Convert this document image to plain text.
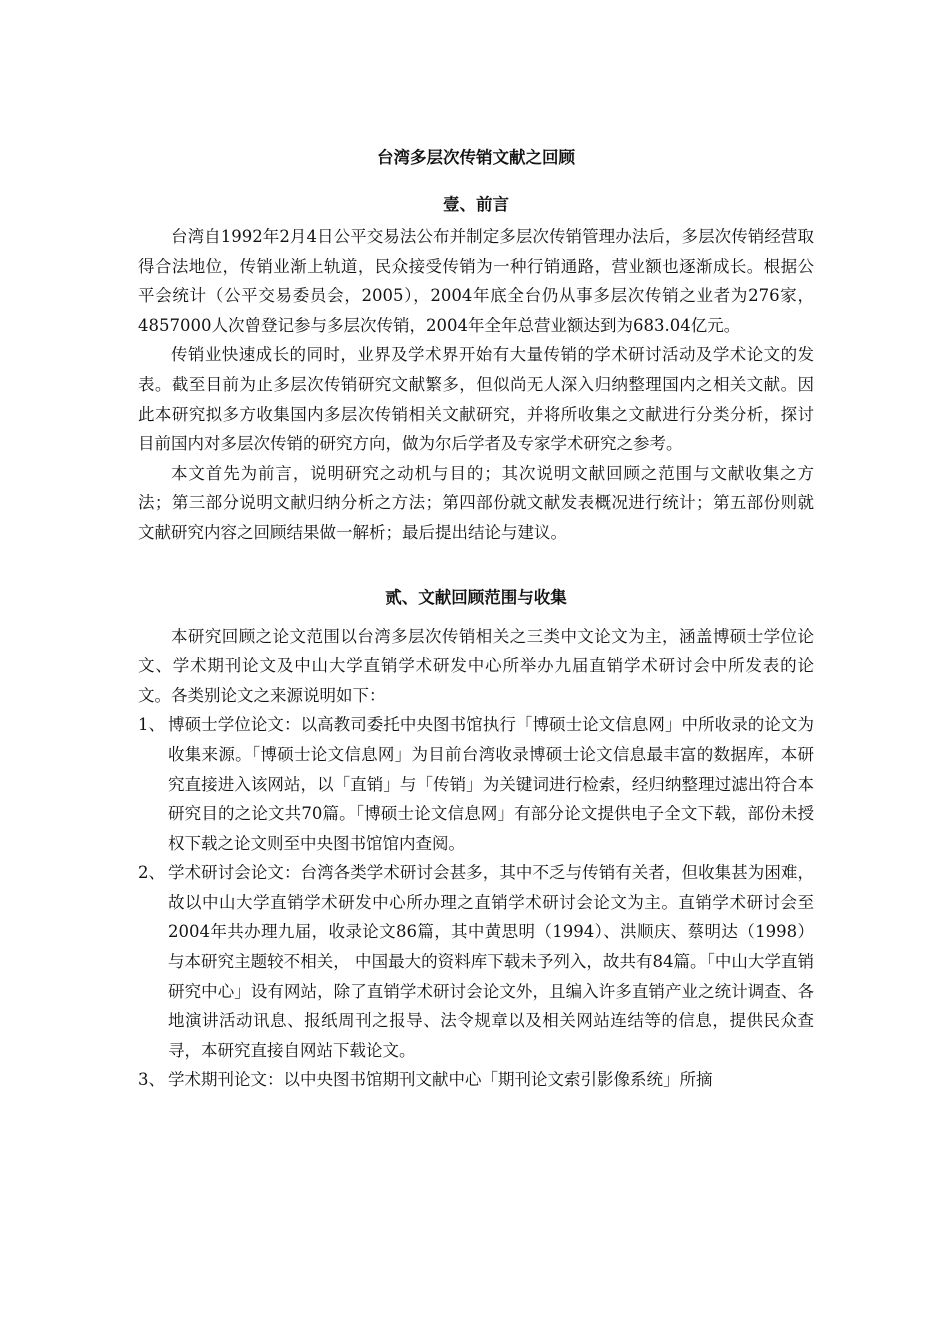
台湾多层次传销文献之回顾
壹、前言

台湾自1992年2月4日公平交易法公布并制定多层次传销管理办法后，多层次传销经营取得合法地位，传销业渐上轨道，民众接受传销为一种行销通路，营业额也逐渐成长。根据公平会统计（公平交易委员会，2005），2004年底全台仍从事多层次传销之业者为276家，4857000人次曾登记参与多层次传销，2004年全年总营业额达到为683.04亿元。

传销业快速成长的同时，业界及学术界开始有大量传销的学术研讨活动及学术论文的发表。截至目前为止多层次传销研究文献繁多，但似尚无人深入归纳整理国内之相关文献。因此本研究拟多方收集国内多层次传销相关文献研究，并将所收集之文献进行分类分析，探讨目前国内对多层次传销的研究方向，做为尔后学者及专家学术研究之参考。

本文首先为前言，说明研究之动机与目的；其次说明文献回顾之范围与文献收集之方法；第三部分说明文献归纳分析之方法；第四部份就文献发表概况进行统计；第五部份则就文献研究内容之回顾结果做一解析；最后提出结论与建议。

贰、文献回顾范围与收集

本研究回顾之论文范围以台湾多层次传销相关之三类中文论文为主，涵盖博硕士学位论文、学术期刊论文及中山大学直销学术研发中心所举办九届直销学术研讨会中所发表的论文。各类别论文之来源说明如下：

1、 博硕士学位论文：以高教司委托中央图书馆执行「博硕士论文信息网」中所收录的论文为收集来源。「博硕士论文信息网」为目前台湾收录博硕士论文信息最丰富的数据库，本研究直接进入该网站，以「直销」与「传销」为关键词进行检索，经归纳整理过滤出符合本研究目的之论文共70篇。「博硕士论文信息网」有部分论文提供电子全文下载，部份未授权下载之论文则至中央图书馆馆内查阅。
2、 学术研讨会论文：台湾各类学术研讨会甚多，其中不乏与传销有关者，但收集甚为困难，故以中山大学直销学术研发中心所办理之直销学术研讨会论文为主。直销学术研讨会至2004年共办理九届，收录论文86篇，其中黄思明（1994）、洪顺庆、蔡明达（1998）与本研究主题较不相关， 中国最大的资料库下载未予列入，故共有84篇。「中山大学直销研究中心」设有网站，除了直销学术研讨会论文外，且编入许多直销产业之统计调查、各地演讲活动讯息、报纸周刊之报导、法令规章以及相关网站连结等的信息，提供民众查寻，本研究直接自网站下载论文。
3、 学术期刊论文：以中央图书馆期刊文献中心「期刊论文索引影像系统」所摘
